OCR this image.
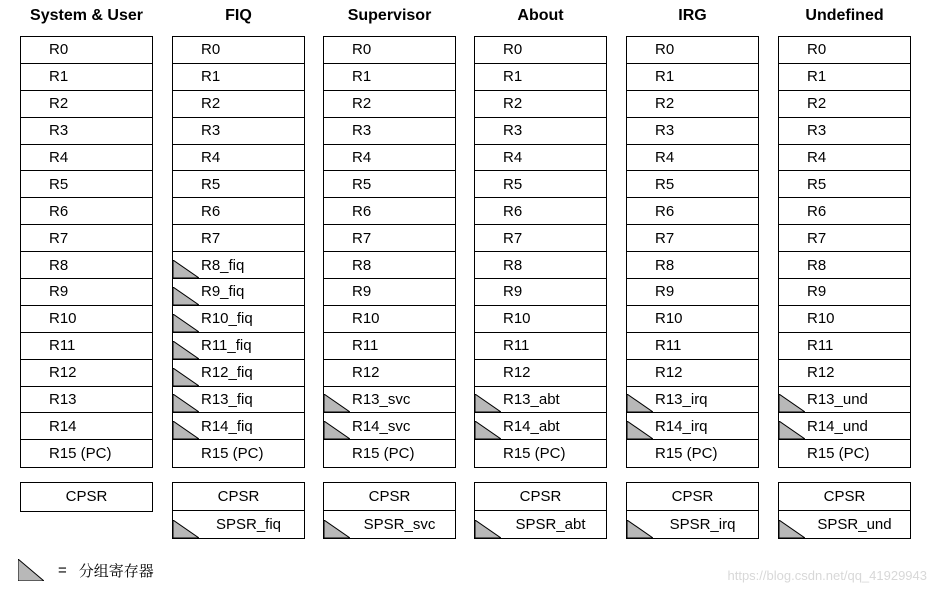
System & User
R0
R1
R2
R3
R4
R5
R6
R7
R8
R9
R10
R11
R12
R13
R14
R15 (PC)
CPSR
FIQ
R0
R1
R2
R3
R4
R5
R6
R7
R8_fiq
R9_fiq
R10_fiq
R11_fiq
R12_fiq
R13_fiq
R14_fiq
R15 (PC)
CPSR
SPSR_fiq
Supervisor
R0
R1
R2
R3
R4
R5
R6
R7
R8
R9
R10
R11
R12
R13_svc
R14_svc
R15 (PC)
CPSR
SPSR_svc
About
R0
R1
R2
R3
R4
R5
R6
R7
R8
R9
R10
R11
R12
R13_abt
R14_abt
R15 (PC)
CPSR
SPSR_abt
IRG
R0
R1
R2
R3
R4
R5
R6
R7
R8
R9
R10
R11
R12
R13_irq
R14_irq
R15 (PC)
CPSR
SPSR_irq
Undefined
R0
R1
R2
R3
R4
R5
R6
R7
R8
R9
R10
R11
R12
R13_und
R14_und
R15 (PC)
CPSR
SPSR_und
= 分组寄存器	https://blog.csdn.net/qq_41929943
